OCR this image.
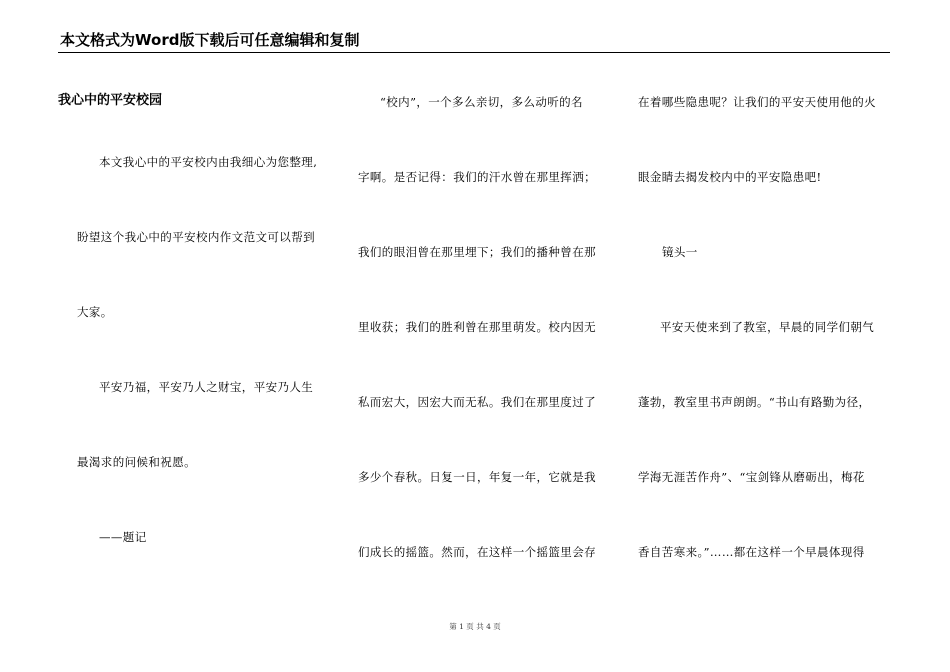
本文格式为Word版下载后可任意编辑和复制
我心中的平安校园
本文我心中的平安校内由我细心为您整理,
盼望这个我心中的平安校内作文范文可以帮到
大家。
平安乃福，平安乃人之财宝，平安乃人生
最渴求的问候和祝愿。
——题记
“校内”，一个多么亲切，多么动听的名
字啊。是否记得：我们的汗水曾在那里挥洒；
我们的眼泪曾在那里埋下；我们的播种曾在那
里收获；我们的胜利曾在那里萌发。校内因无
私而宏大，因宏大而无私。我们在那里度过了
多少个春秋。日复一日，年复一年，它就是我
们成长的摇篮。然而，在这样一个摇篮里会存
在着哪些隐患呢？让我们的平安天使用他的火
眼金睛去揭发校内中的平安隐患吧!
镜头一
平安天使来到了教室，早晨的同学们朝气
蓬勃，教室里书声朗朗。“书山有路勤为径，
学海无涯苦作舟”、“宝剑锋从磨砺出，梅花
香自苦寒来。”……都在这样一个早晨体现得
第 1 页 共 4 页
